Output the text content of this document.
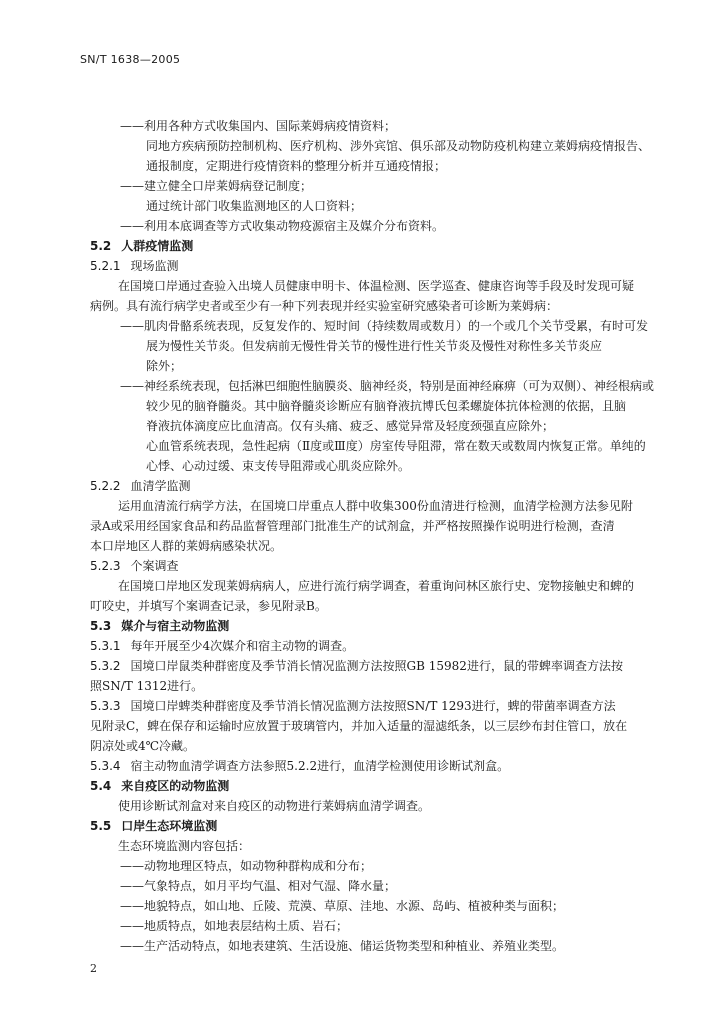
SN/T 1638—2005
——利用各种方式收集国内、国际莱姆病疫情资料；
同地方疾病预防控制机构、医疗机构、涉外宾馆、俱乐部及动物防疫机构建立莱姆病疫情报告、
通报制度，定期进行疫情资料的整理分析并互通疫情报；
——建立健全口岸莱姆病登记制度；
通过统计部门收集监测地区的人口资料；
——利用本底调查等方式收集动物疫源宿主及媒介分布资料。
5.2 人群疫情监测
5.2.1 现场监测
在国境口岸通过查验入出境人员健康申明卡、体温检测、医学巡查、健康咨询等手段及时发现可疑
病例。具有流行病学史者或至少有一种下列表现并经实验室研究感染者可诊断为莱姆病：
——肌肉骨骼系统表现，反复发作的、短时间（持续数周或数月）的一个或几个关节受累，有时可发
展为慢性关节炎。但发病前无慢性骨关节的慢性进行性关节炎及慢性对称性多关节炎应
除外；
——神经系统表现，包括淋巴细胞性脑膜炎、脑神经炎，特别是面神经麻痹（可为双侧）、神经根病或
较少见的脑脊髓炎。其中脑脊髓炎诊断应有脑脊液抗博氏包柔螺旋体抗体检测的依据，且脑
脊液抗体滴度应比血清高。仅有头痛、疲乏、感觉异常及轻度颈强直应除外；
心血管系统表现，急性起病（Ⅱ度或Ⅲ度）房室传导阻滞，常在数天或数周内恢复正常。单纯的
心悸、心动过缓、束支传导阻滞或心肌炎应除外。
5.2.2 血清学监测
运用血清流行病学方法，在国境口岸重点人群中收集300份血清进行检测，血清学检测方法参见附
录A或采用经国家食品和药品监督管理部门批准生产的试剂盒，并严格按照操作说明进行检测，查清
本口岸地区人群的莱姆病感染状况。
5.2.3 个案调查
在国境口岸地区发现莱姆病病人，应进行流行病学调查，着重询问林区旅行史、宠物接触史和蜱的
叮咬史，并填写个案调查记录，参见附录B。
5.3 媒介与宿主动物监测
5.3.1 每年开展至少4次媒介和宿主动物的调查。
5.3.2 国境口岸鼠类种群密度及季节消长情况监测方法按照GB 15982进行，鼠的带蜱率调查方法按
照SN/T 1312进行。
5.3.3 国境口岸蜱类种群密度及季节消长情况监测方法按照SN/T 1293进行，蜱的带菌率调查方法
见附录C，蜱在保存和运输时应放置于玻璃管内，并加入适量的湿滤纸条，以三层纱布封住管口，放在
阴凉处或4℃冷藏。
5.3.4 宿主动物血清学调查方法参照5.2.2进行，血清学检测使用诊断试剂盒。
5.4 来自疫区的动物监测
使用诊断试剂盒对来自疫区的动物进行莱姆病血清学调查。
5.5 口岸生态环境监测
生态环境监测内容包括：
——动物地理区特点，如动物种群构成和分布；
——气象特点，如月平均气温、相对气湿、降水量；
——地貌特点，如山地、丘陵、荒漠、草原、洼地、水源、岛屿、植被种类与面积；
——地质特点，如地表层结构土质、岩石；
——生产活动特点，如地表建筑、生活设施、储运货物类型和种植业、养殖业类型。
2
